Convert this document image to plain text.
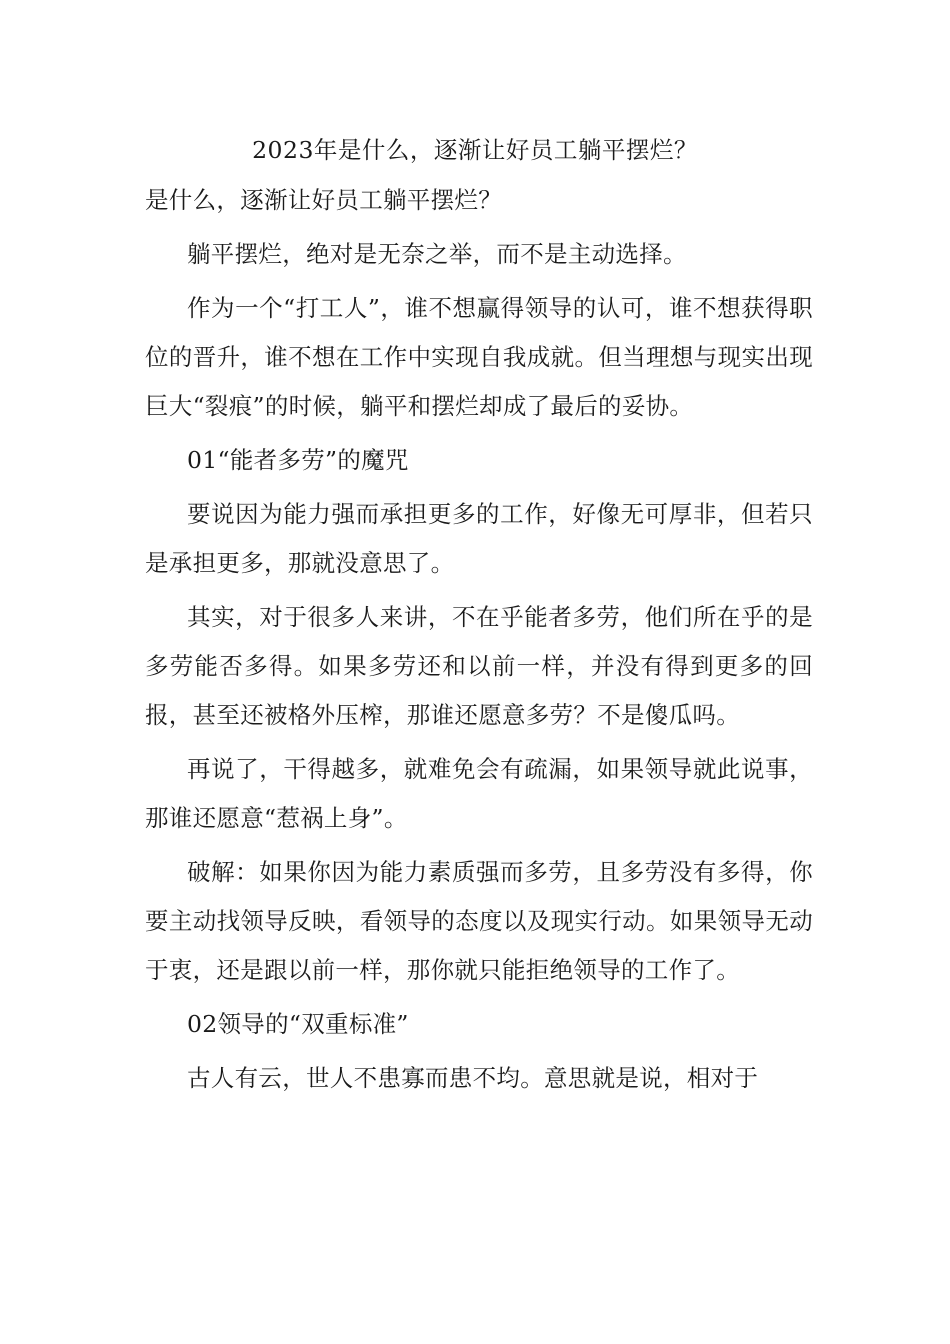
2023年是什么，逐渐让好员工躺平摆烂？

是什么，逐渐让好员工躺平摆烂？

躺平摆烂，绝对是无奈之举，而不是主动选择。

作为一个“打工人”，谁不想赢得领导的认可，谁不想获得职位的晋升，谁不想在工作中实现自我成就。但当理想与现实出现巨大“裂痕”的时候，躺平和摆烂却成了最后的妥协。

01“能者多劳”的魔咒

要说因为能力强而承担更多的工作，好像无可厚非，但若只是承担更多，那就没意思了。

其实，对于很多人来讲，不在乎能者多劳，他们所在乎的是多劳能否多得。如果多劳还和以前一样，并没有得到更多的回报，甚至还被格外压榨，那谁还愿意多劳？不是傻瓜吗。

再说了，干得越多，就难免会有疏漏，如果领导就此说事，那谁还愿意“惹祸上身”。

破解：如果你因为能力素质强而多劳，且多劳没有多得，你要主动找领导反映，看领导的态度以及现实行动。如果领导无动于衷，还是跟以前一样，那你就只能拒绝领导的工作了。

02领导的“双重标准”

古人有云，世人不患寡而患不均。意思就是说，相对于
